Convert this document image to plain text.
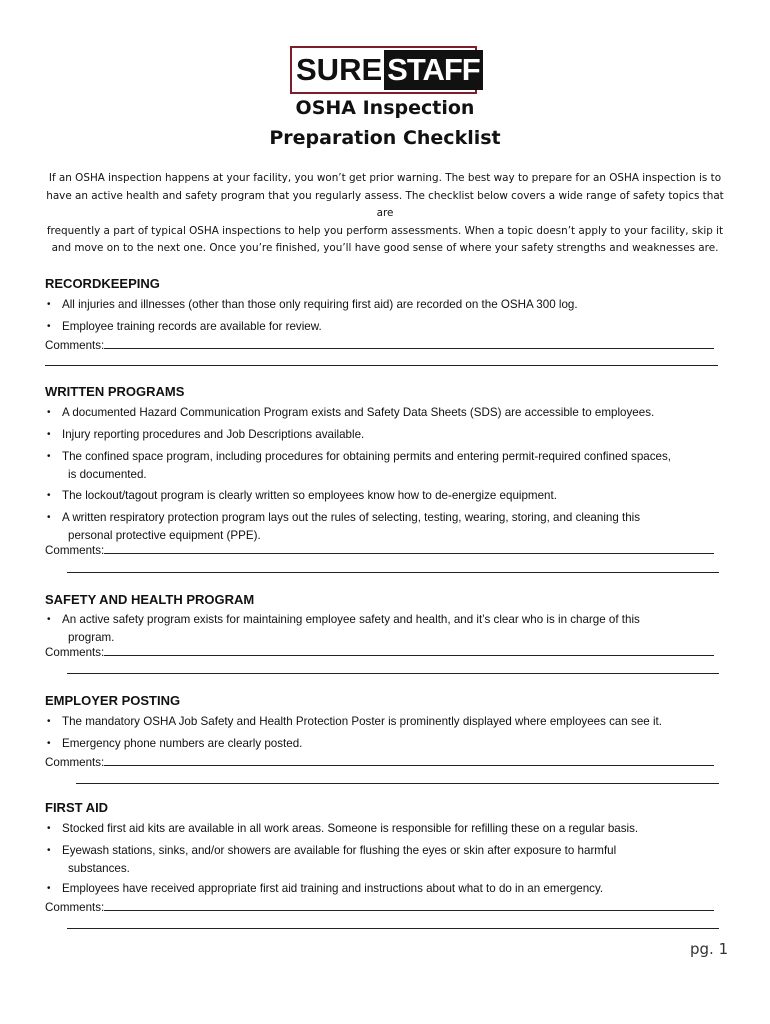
SURE STAFF
OSHA Inspection
Preparation Checklist
If an OSHA inspection happens at your facility, you won’t get prior warning. The best way to prepare for an OSHA inspection is to
have an active health and safety program that you regularly assess. The checklist below covers a wide range of safety topics that are
frequently a part of typical OSHA inspections to help you perform assessments. When a topic doesn’t apply to your facility, skip it
and move on to the next one. Once you’re finished, you’ll have good sense of where your safety strengths and weaknesses are.
RECORDKEEPING
• All injuries and illnesses (other than those only requiring first aid) are recorded on the OSHA 300 log.
• Employee training records are available for review.
Comments:
WRITTEN PROGRAMS
• A documented Hazard Communication Program exists and Safety Data Sheets (SDS) are accessible to employees.
• Injury reporting procedures and Job Descriptions available.
• The confined space program, including procedures for obtaining permits and entering permit-required confined spaces,
is documented.
• The lockout/tagout program is clearly written so employees know how to de-energize equipment.
• A written respiratory protection program lays out the rules of selecting, testing, wearing, storing, and cleaning this
personal protective equipment (PPE).
Comments:
SAFETY AND HEALTH PROGRAM
• An active safety program exists for maintaining employee safety and health, and it’s clear who is in charge of this
program.
Comments:
EMPLOYER POSTING
• The mandatory OSHA Job Safety and Health Protection Poster is prominently displayed where employees can see it.
• Emergency phone numbers are clearly posted.
Comments:
FIRST AID
• Stocked first aid kits are available in all work areas. Someone is responsible for refilling these on a regular basis.
• Eyewash stations, sinks, and/or showers are available for flushing the eyes or skin after exposure to harmful
substances.
• Employees have received appropriate first aid training and instructions about what to do in an emergency.
Comments:
pg. 1
